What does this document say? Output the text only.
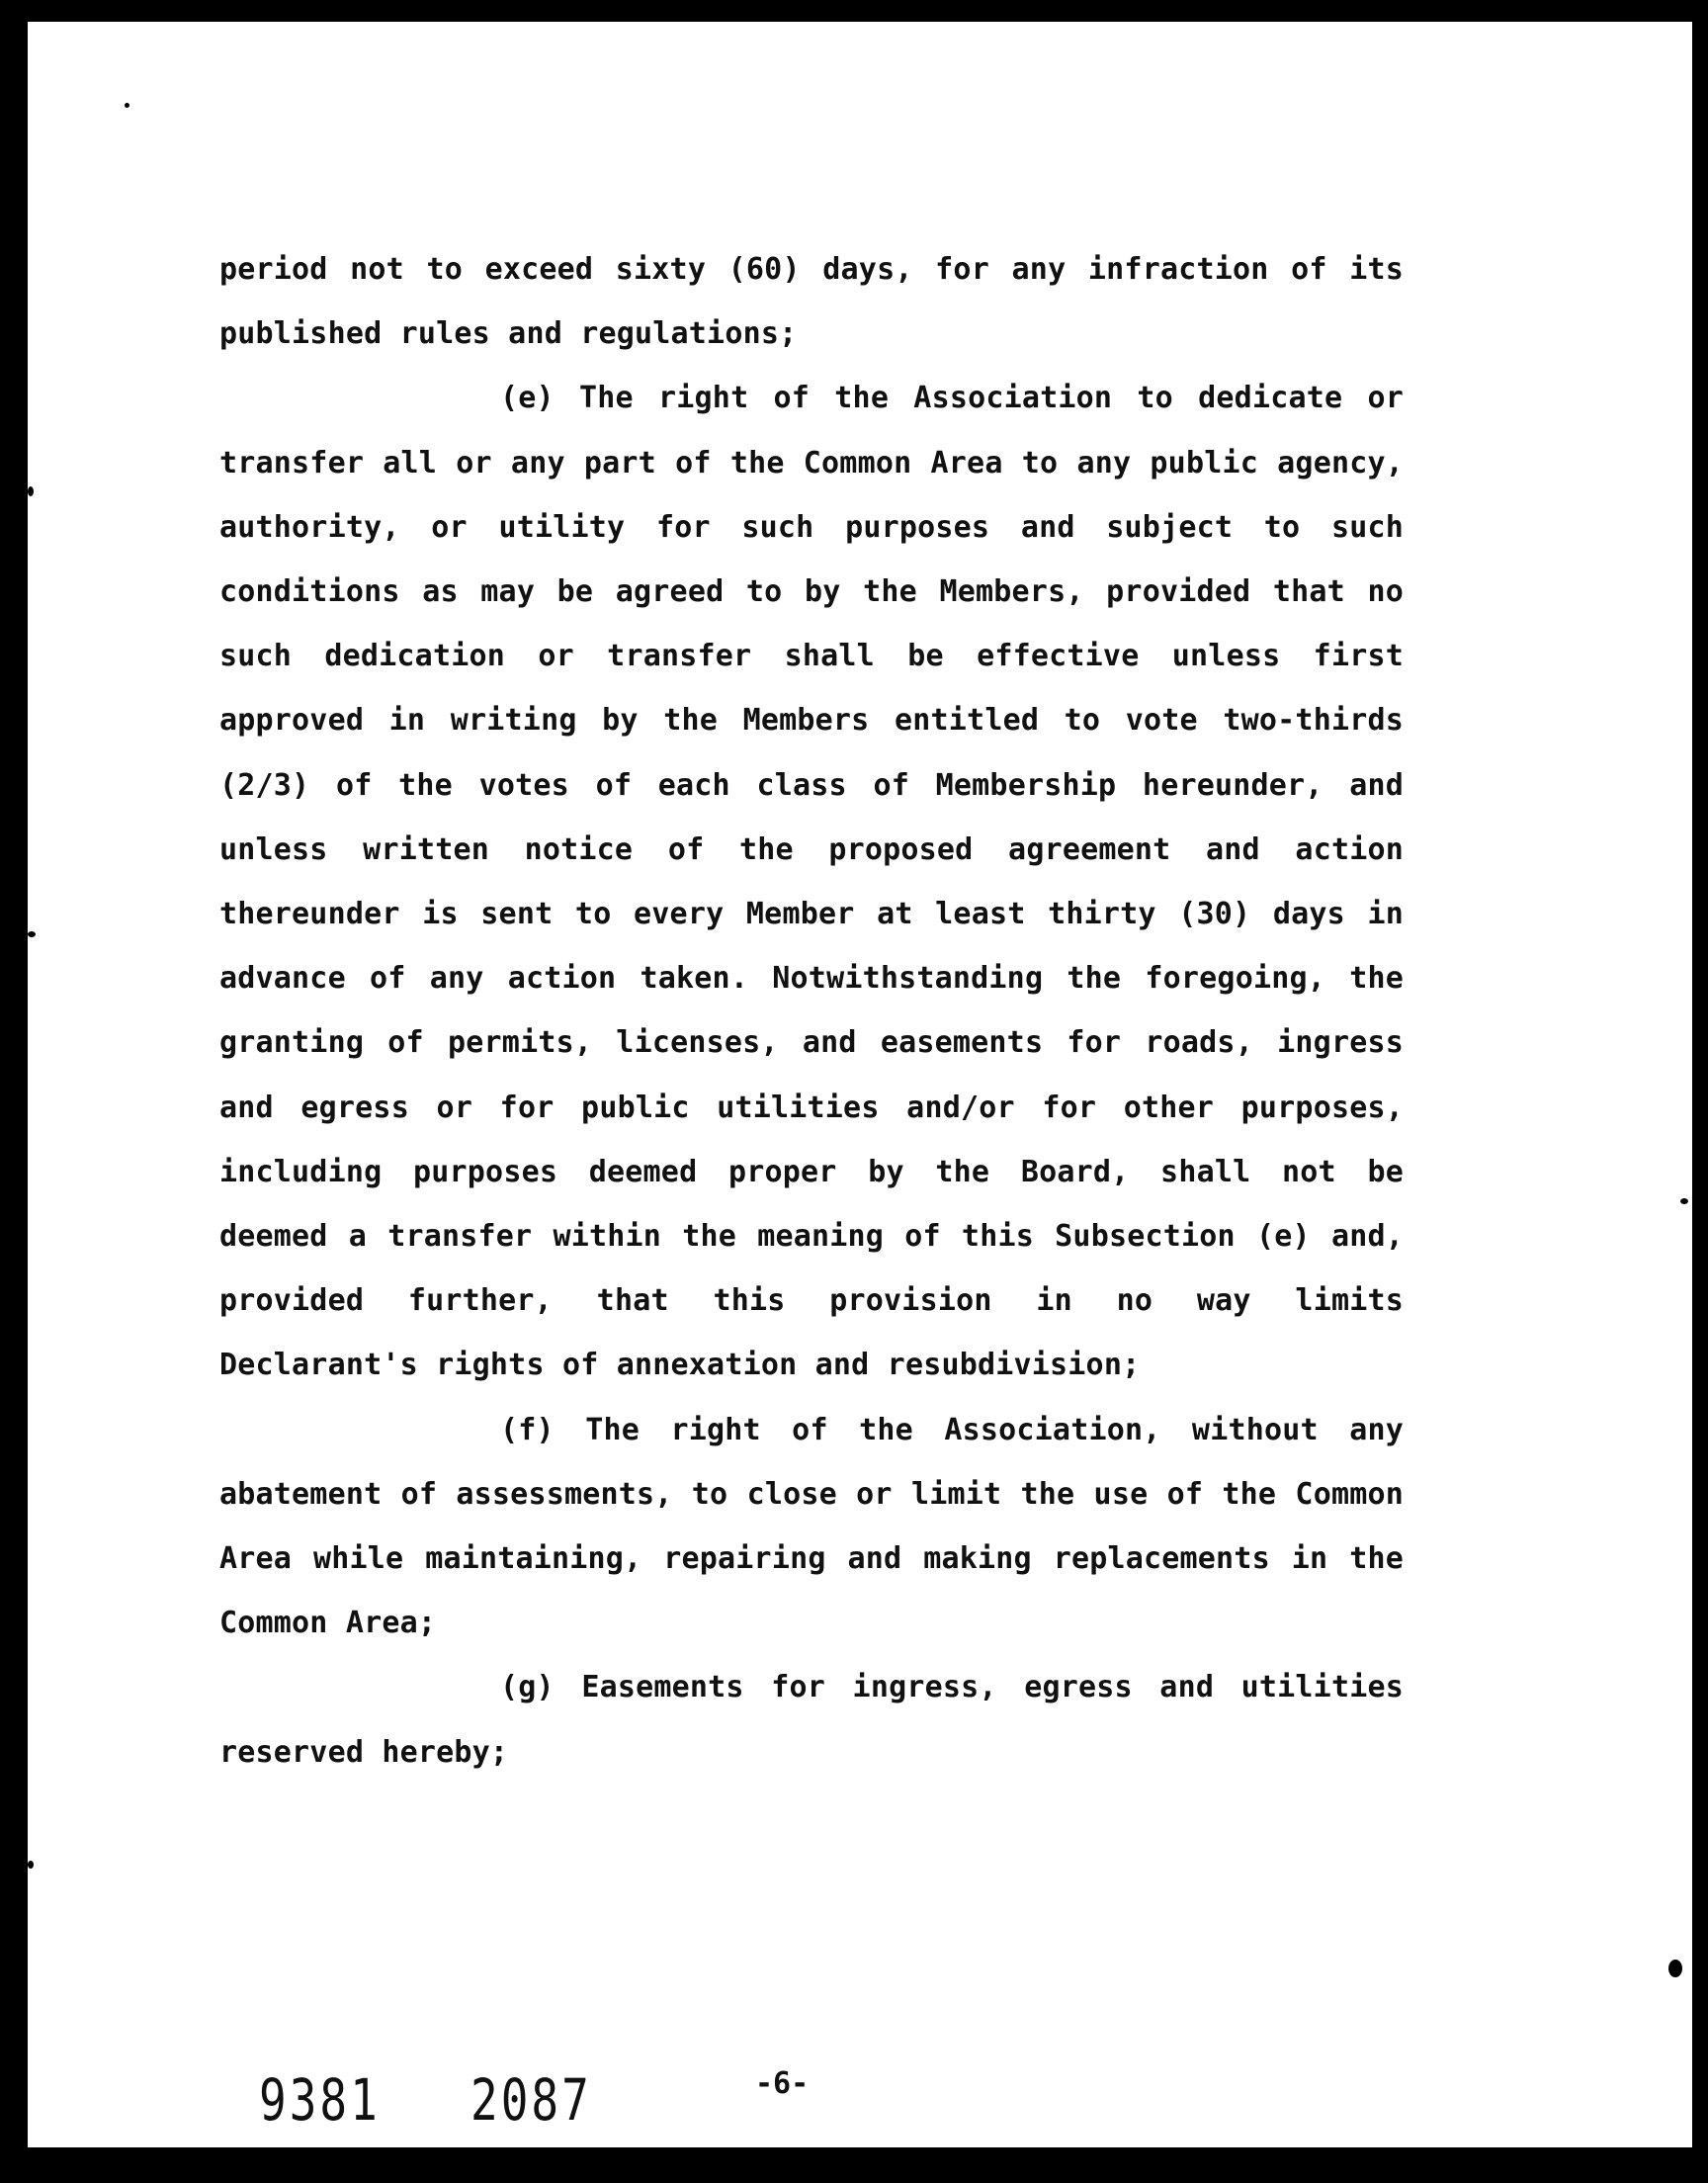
period not to exceed sixty (60) days, for any infraction of its published rules and regulations;

(e) The right of the Association to dedicate or transfer all or any part of the Common Area to any public agency, authority, or utility for such purposes and subject to such conditions as may be agreed to by the Members, provided that no such dedication or transfer shall be effective unless first approved in writing by the Members entitled to vote two-thirds (2/3) of the votes of each class of Membership hereunder, and unless written notice of the proposed agreement and action thereunder is sent to every Member at least thirty (30) days in advance of any action taken. Notwithstanding the foregoing, the granting of permits, licenses, and easements for roads, ingress and egress or for public utilities and/or for other purposes, including purposes deemed proper by the Board, shall not be deemed a transfer within the meaning of this Subsection (e) and, provided further, that this provision in no way limits Declarant's rights of annexation and resubdivision;

(f) The right of the Association, without any abatement of assessments, to close or limit the use of the Common Area while maintaining, repairing and making replacements in the Common Area;

(g) Easements for ingress, egress and utilities reserved hereby;

9381 2087	-6-
